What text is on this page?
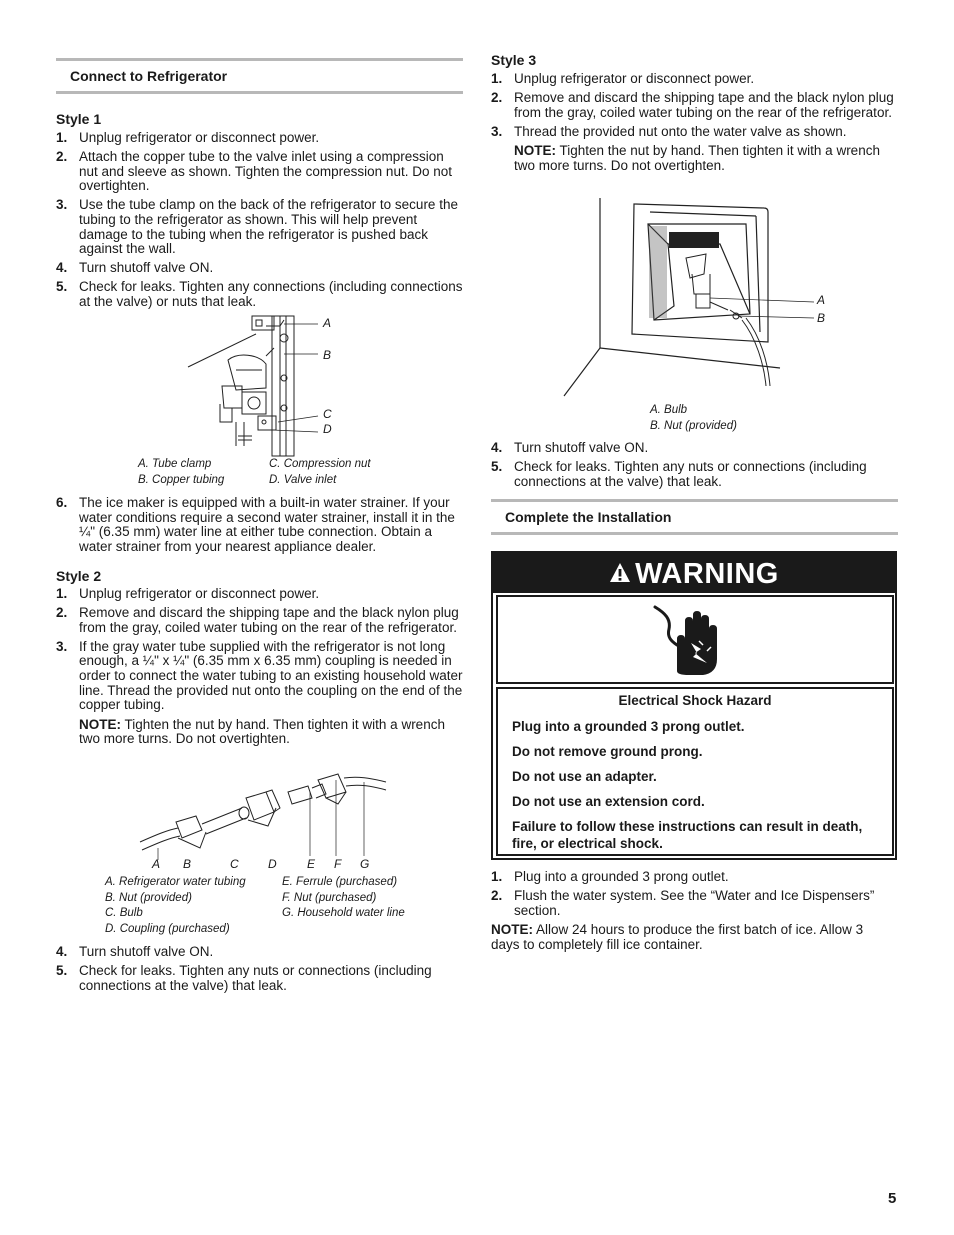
Connect to Refrigerator
Style 1
1. Unplug refrigerator or disconnect power.
2. Attach the copper tube to the valve inlet using a compression nut and sleeve as shown. Tighten the compression nut. Do not overtighten.
3. Use the tube clamp on the back of the refrigerator to secure the tubing to the refrigerator as shown. This will help prevent damage to the tubing when the refrigerator is pushed back against the wall.
4. Turn shutoff valve ON.
5. Check for leaks. Tighten any connections (including connections at the valve) or nuts that leak.
A
B
C
D
A. Tube clamp
B. Copper tubing
C. Compression nut
D. Valve inlet
6. The ice maker is equipped with a built-in water strainer. If your water conditions require a second water strainer, install it in the ¼" (6.35 mm) water line at either tube connection. Obtain a water strainer from your nearest appliance dealer.
Style 2
1. Unplug refrigerator or disconnect power.
2. Remove and discard the shipping tape and the black nylon plug from the gray, coiled water tubing on the rear of the refrigerator.
3. If the gray water tube supplied with the refrigerator is not long enough, a ¼" x ¼" (6.35 mm x 6.35 mm) coupling is needed in order to connect the water tubing to an existing household water line. Thread the provided nut onto the coupling on the end of the copper tubing.
NOTE: Tighten the nut by hand. Then tighten it with a wrench two more turns. Do not overtighten.
A B	C D	E F G
A. Refrigerator water tubing
B. Nut (provided)
C. Bulb
D. Coupling (purchased)
E. Ferrule (purchased)
F. Nut (purchased)
G. Household water line
4. Turn shutoff valve ON.
5. Check for leaks. Tighten any nuts or connections (including connections at the valve) that leak.
Style 3
1. Unplug refrigerator or disconnect power.
2. Remove and discard the shipping tape and the black nylon plug from the gray, coiled water tubing on the rear of the refrigerator.
3. Thread the provided nut onto the water valve as shown.
NOTE: Tighten the nut by hand. Then tighten it with a wrench two more turns. Do not overtighten.
A
B
A. Bulb
B. Nut (provided)
4. Turn shutoff valve ON.
5. Check for leaks. Tighten any nuts or connections (including connections at the valve) that leak.
Complete the Installation
WARNING
Electrical Shock Hazard
Plug into a grounded 3 prong outlet.
Do not remove ground prong.
Do not use an adapter.
Do not use an extension cord.
Failure to follow these instructions can result in death, fire, or electrical shock.
1. Plug into a grounded 3 prong outlet.
2. Flush the water system. See the “Water and Ice Dispensers” section.
NOTE: Allow 24 hours to produce the first batch of ice. Allow 3 days to completely fill ice container.
5
